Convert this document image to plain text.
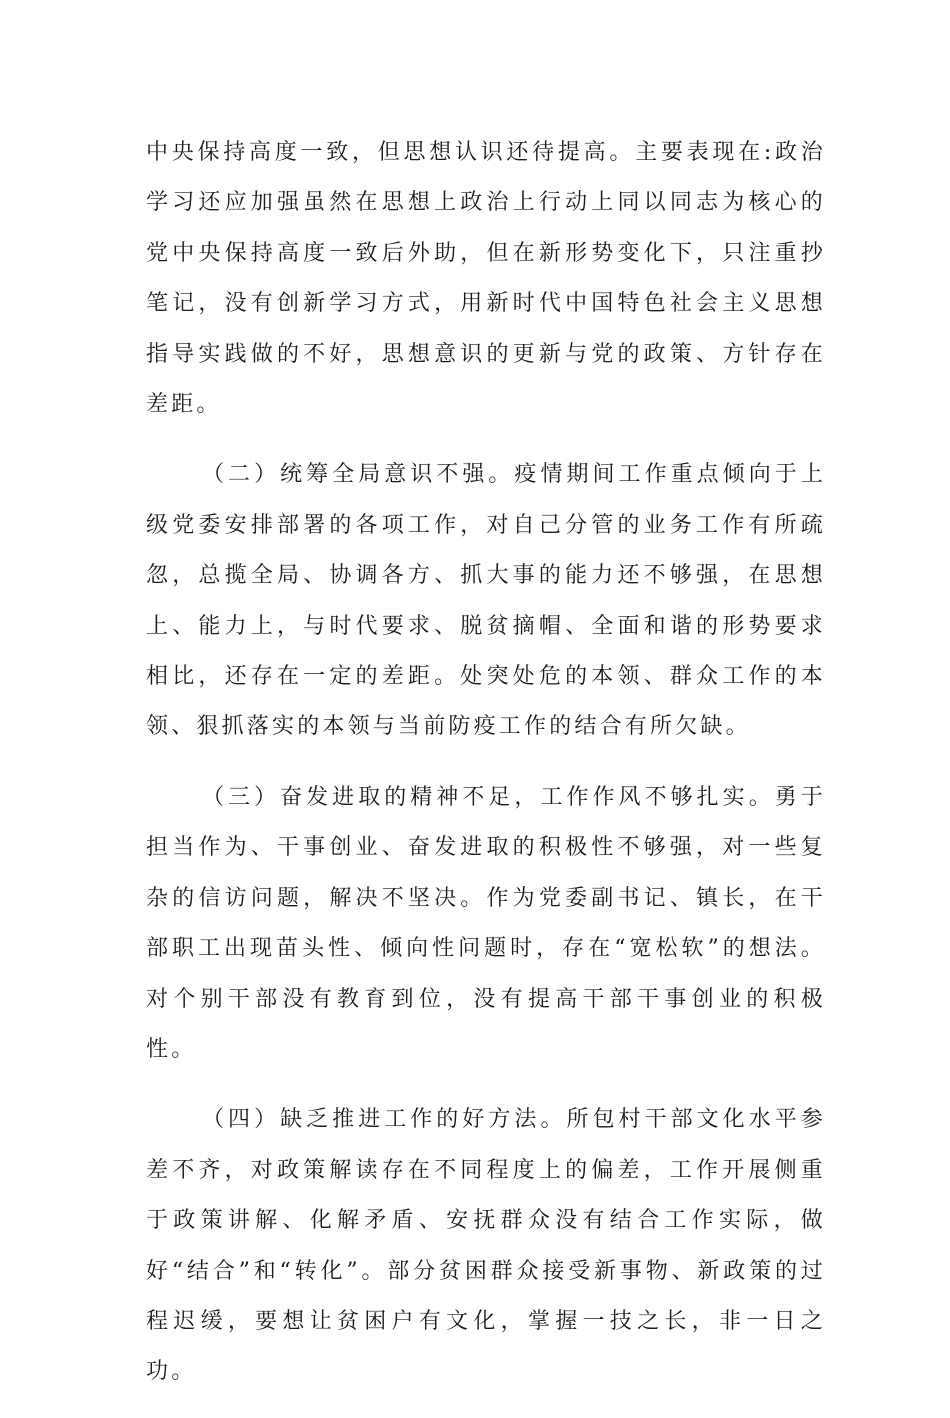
中央保持高度一致，但思想认识还待提高。主要表现在:政治学习还应加强虽然在思想上政治上行动上同以同志为核心的党中央保持高度一致后外助，但在新形势变化下，只注重抄笔记，没有创新学习方式，用新时代中国特色社会主义思想指导实践做的不好，思想意识的更新与党的政策、方针存在差距。

（二）统筹全局意识不强。疫情期间工作重点倾向于上级党委安排部署的各项工作，对自己分管的业务工作有所疏忽，总揽全局、协调各方、抓大事的能力还不够强，在思想上、能力上，与时代要求、脱贫摘帽、全面和谐的形势要求相比，还存在一定的差距。处突处危的本领、群众工作的本领、狠抓落实的本领与当前防疫工作的结合有所欠缺。

（三）奋发进取的精神不足，工作作风不够扎实。勇于担当作为、干事创业、奋发进取的积极性不够强，对一些复杂的信访问题，解决不坚决。作为党委副书记、镇长，在干部职工出现苗头性、倾向性问题时，存在“宽松软”的想法。对个别干部没有教育到位，没有提高干部干事创业的积极性。

（四）缺乏推进工作的好方法。所包村干部文化水平参差不齐，对政策解读存在不同程度上的偏差，工作开展侧重于政策讲解、化解矛盾、安抚群众没有结合工作实际，做好“结合”和“转化”。部分贫困群众接受新事物、新政策的过程迟缓，要想让贫困户有文化，掌握一技之长，非一日之功。
